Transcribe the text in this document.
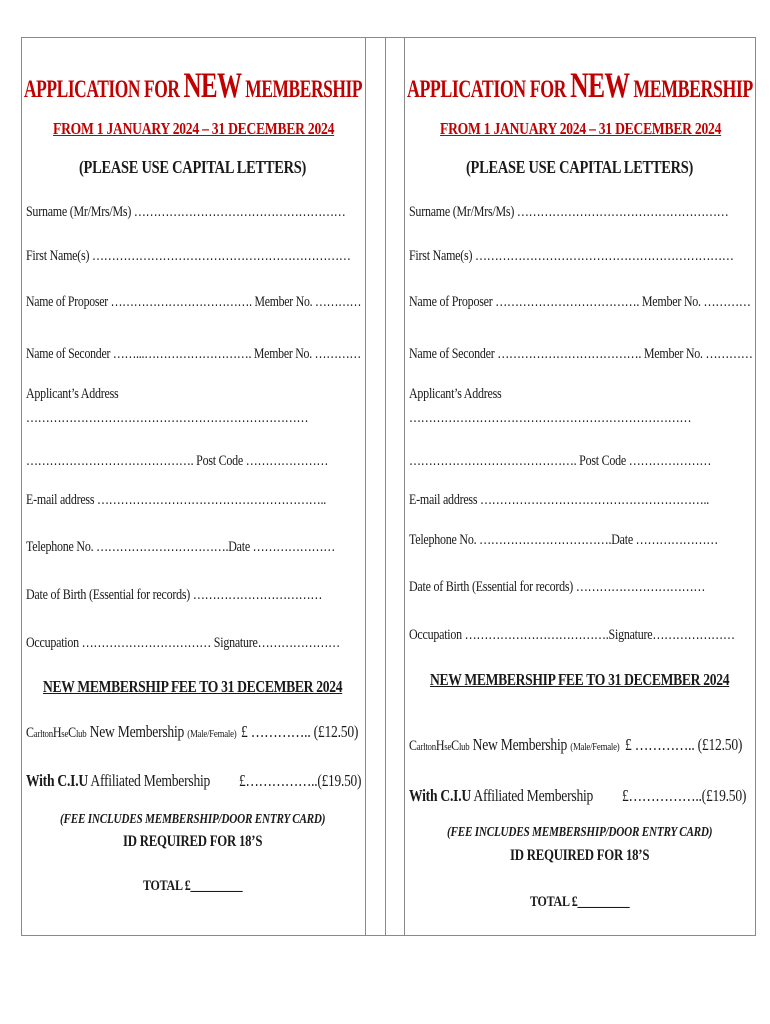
APPLICATION FOR NEW MEMBERSHIP
FROM 1 JANUARY 2024 – 31 DECEMBER 2024
(PLEASE USE CAPITAL LETTERS)
Surname (Mr/Mrs/Ms) ………………………………………………
First Name(s) …………………………………………………………
Name of Proposer ………………………………. Member No. …………
Name of Seconder ……...………………………. Member No. …………
Applicant’s Address
………………………………………………………………
……………………………………. Post Code …………………
E-mail address …………………………………………………..
Telephone No. …………………………….Date …………………
Date of Birth (Essential for records) ……………………………
Occupation …………………………… Signature…………………
NEW MEMBERSHIP FEE TO 31 DECEMBER 2024
CarltonHseClub New Membership (Male/Female) £ ………….. (£12.50)
With C.I.U Affiliated Membership £……………..(£19.50)
(FEE INCLUDES MEMBERSHIP/DOOR ENTRY CARD)
ID REQUIRED FOR 18’S
TOTAL £_________
APPLICATION FOR NEW MEMBERSHIP
FROM 1 JANUARY 2024 – 31 DECEMBER 2024
(PLEASE USE CAPITAL LETTERS)
Surname (Mr/Mrs/Ms) ………………………………………………
First Name(s) …………………………………………………………
Name of Proposer ………………………………. Member No. …………
Name of Seconder ………………………………. Member No. …………
Applicant’s Address
………………………………………………………………
……………………………………. Post Code …………………
E-mail address …………………………………………………..
Telephone No. …………………………….Date …………………
Date of Birth (Essential for records) ……………………………
Occupation ……………………………….Signature…………………
NEW MEMBERSHIP FEE TO 31 DECEMBER 2024
CarltonHseClub New Membership (Male/Female) £ ………….. (£12.50)
With C.I.U Affiliated Membership £……………..(£19.50)
(FEE INCLUDES MEMBERSHIP/DOOR ENTRY CARD)
ID REQUIRED FOR 18’S
TOTAL £_________
